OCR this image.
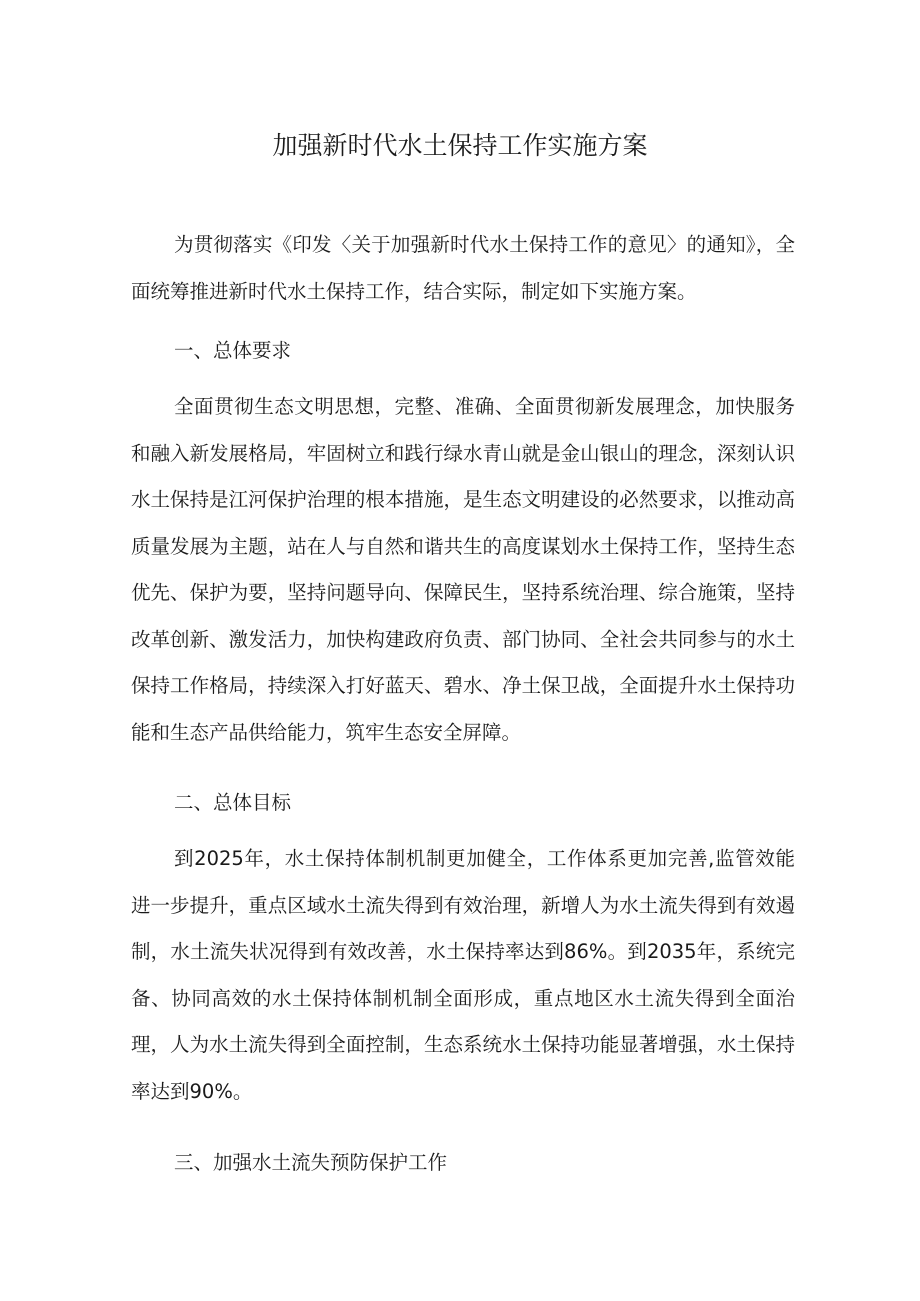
加强新时代水土保持工作实施方案

为贯彻落实《印发〈关于加强新时代水土保持工作的意见〉的通知》，全面统筹推进新时代水土保持工作，结合实际，制定如下实施方案。

一、总体要求

全面贯彻生态文明思想，完整、准确、全面贯彻新发展理念，加快服务和融入新发展格局，牢固树立和践行绿水青山就是金山银山的理念，深刻认识水土保持是江河保护治理的根本措施，是生态文明建设的必然要求，以推动高质量发展为主题，站在人与自然和谐共生的高度谋划水土保持工作，坚持生态优先、保护为要，坚持问题导向、保障民生，坚持系统治理、综合施策，坚持改革创新、激发活力，加快构建政府负责、部门协同、全社会共同参与的水土保持工作格局，持续深入打好蓝天、碧水、净土保卫战，全面提升水土保持功能和生态产品供给能力，筑牢生态安全屏障。

二、总体目标

到2025年，水土保持体制机制更加健全，工作体系更加完善,监管效能进一步提升，重点区域水土流失得到有效治理，新增人为水土流失得到有效遏制，水土流失状况得到有效改善，水土保持率达到86%。到2035年，系统完备、协同高效的水土保持体制机制全面形成，重点地区水土流失得到全面治理，人为水土流失得到全面控制，生态系统水土保持功能显著增强，水土保持率达到90%。

三、加强水土流失预防保护工作
